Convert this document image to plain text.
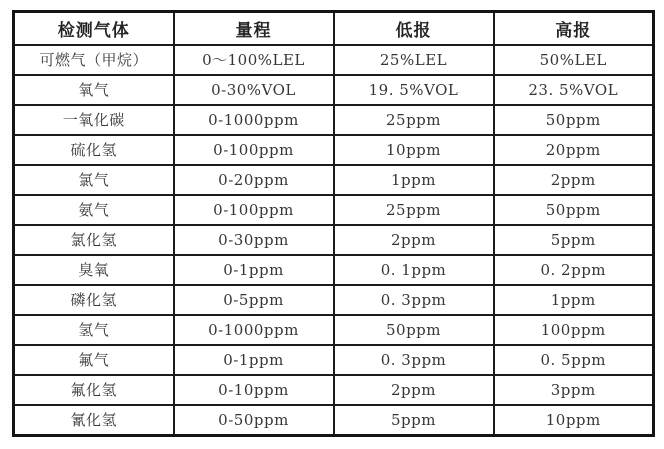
检测气体	量程	低报	高报
可燃气（甲烷）	0～100%LEL	25%LEL	50%LEL
氧气	0-30%VOL	19. 5%VOL	23. 5%VOL
一氧化碳	0-1000ppm	25ppm	50ppm
硫化氢	0-100ppm	10ppm	20ppm
氯气	0-20ppm	1ppm	2ppm
氨气	0-100ppm	25ppm	50ppm
氯化氢	0-30ppm	2ppm	5ppm
臭氧	0-1ppm	0. 1ppm	0. 2ppm
磷化氢	0-5ppm	0. 3ppm	1ppm
氢气	0-1000ppm	50ppm	100ppm
氟气	0-1ppm	0. 3ppm	0. 5ppm
氟化氢	0-10ppm	2ppm	3ppm
氰化氢	0-50ppm	5ppm	10ppm
